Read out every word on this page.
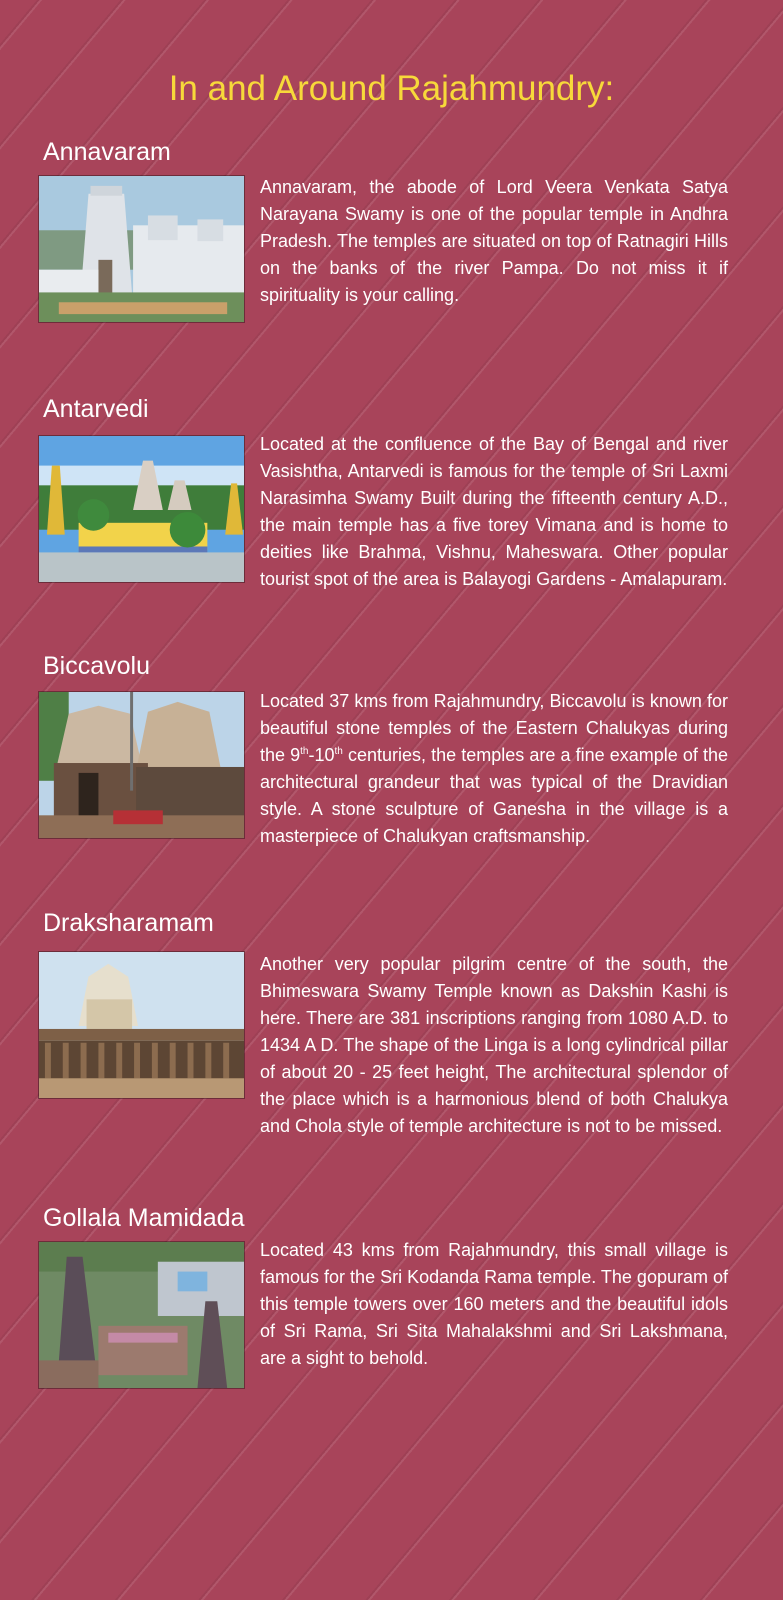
In and Around Rajahmundry:
Annavaram

Annavaram, the abode of Lord Veera Venkata Satya Narayana Swamy is one of the popular temple in Andhra Pradesh. The temples are situated on top of Ratnagiri Hills on the banks of the river Pampa. Do not miss it if spirituality is your calling.

Antarvedi

Located at the confluence of the Bay of Bengal and river Vasishtha, Antarvedi is famous for the temple of Sri Laxmi Narasimha Swamy Built during the fifteenth century A.D., the main temple has a five torey Vimana and is home to deities like Brahma, Vishnu, Maheswara. Other popular tourist spot of the area is Balayogi Gardens - Amalapuram.

Biccavolu

Located 37 kms from Rajahmundry, Biccavolu is known for beautiful stone temples of the Eastern Chalukyas during the 9th-10th centuries, the temples are a fine example of the architectural grandeur that was typical of the Dravidian style. A stone sculpture of Ganesha in the village is a masterpiece of Chalukyan craftsmanship.

Draksharamam

Another very popular pilgrim centre of the south, the Bhimeswara Swamy Temple known as Dakshin Kashi is here. There are 381 inscriptions ranging from 1080 A.D. to 1434 A D. The shape of the Linga is a long cylindrical pillar of about 20 - 25 feet height, The architectural splendor of the place which is a harmonious blend of both Chalukya and Chola style of temple architecture is not to be missed.

Gollala Mamidada

Located 43 kms from Rajahmundry, this small village is famous for the Sri Kodanda Rama temple. The gopuram of this temple towers over 160 meters and the beautiful idols of Sri Rama, Sri Sita Mahalakshmi and Sri Lakshmana, are a sight to behold.
